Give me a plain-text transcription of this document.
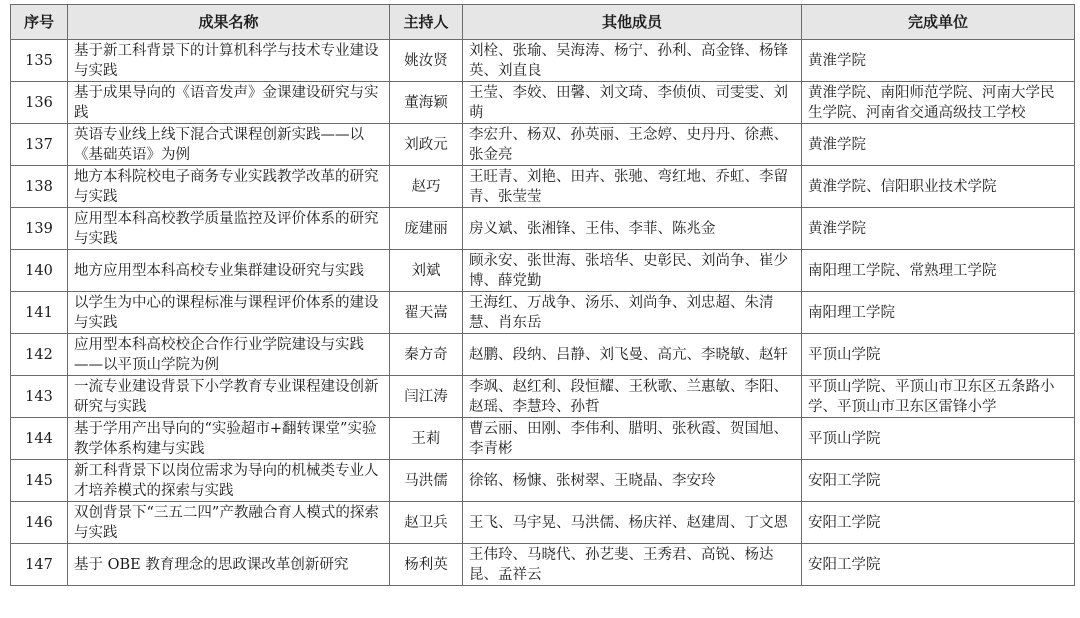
序号	成果名称	主持人	其他成员	完成单位
135	基于新工科背景下的计算机科学与技术专业建设与实践	姚汝贤	刘栓、张瑜、吴海涛、杨宁、孙利、高金锋、杨锋英、刘直良	黄淮学院
136	基于成果导向的《语音发声》金课建设研究与实践	董海颖	王莹、李姣、田馨、刘文琦、李侦侦、司雯雯、刘萌	黄淮学院、南阳师范学院、河南大学民生学院、河南省交通高级技工学校
137	英语专业线上线下混合式课程创新实践——以《基础英语》为例	刘政元	李宏升、杨双、孙英丽、王念婷、史丹丹、徐燕、张金亮	黄淮学院
138	地方本科院校电子商务专业实践教学改革的研究与实践	赵巧	王旺青、刘艳、田卉、张驰、弯红地、乔虹、李留青、张莹莹	黄淮学院、信阳职业技术学院
139	应用型本科高校教学质量监控及评价体系的研究与实践	庞建丽	房义斌、张湘锋、王伟、李菲、陈兆金	黄淮学院
140	地方应用型本科高校专业集群建设研究与实践	刘斌	顾永安、张世海、张培华、史彰民、刘尚争、崔少博、薛党勤	南阳理工学院、常熟理工学院
141	以学生为中心的课程标准与课程评价体系的建设与实践	翟天嵩	王海红、万战争、汤乐、刘尚争、刘忠超、朱清慧、肖东岳	南阳理工学院
142	应用型本科高校校企合作行业学院建设与实践——以平顶山学院为例	秦方奇	赵鹏、段纳、吕静、刘飞曼、高亢、李晓敏、赵轩	平顶山学院
143	一流专业建设背景下小学教育专业课程建设创新研究与实践	闫江涛	李飒、赵红利、段恒耀、王秋歌、兰惠敏、李阳、赵瑶、李慧玲、孙哲	平顶山学院、平顶山市卫东区五条路小学、平顶山市卫东区雷锋小学
144	基于学用产出导向的“实验超市+翻转课堂”实验教学体系构建与实践	王莉	曹云丽、田刚、李伟利、腊明、张秋霞、贺国旭、李青彬	平顶山学院
145	新工科背景下以岗位需求为导向的机械类专业人才培养模式的探索与实践	马洪儒	徐铭、杨慷、张树翠、王晓晶、李安玲	安阳工学院
146	双创背景下“三五二四”产教融合育人模式的探索与实践	赵卫兵	王飞、马宇晃、马洪儒、杨庆祥、赵建周、丁文恩	安阳工学院
147	基于 OBE 教育理念的思政课改革创新研究	杨利英	王伟玲、马晓代、孙艺斐、王秀君、高锐、杨达昆、孟祥云	安阳工学院
